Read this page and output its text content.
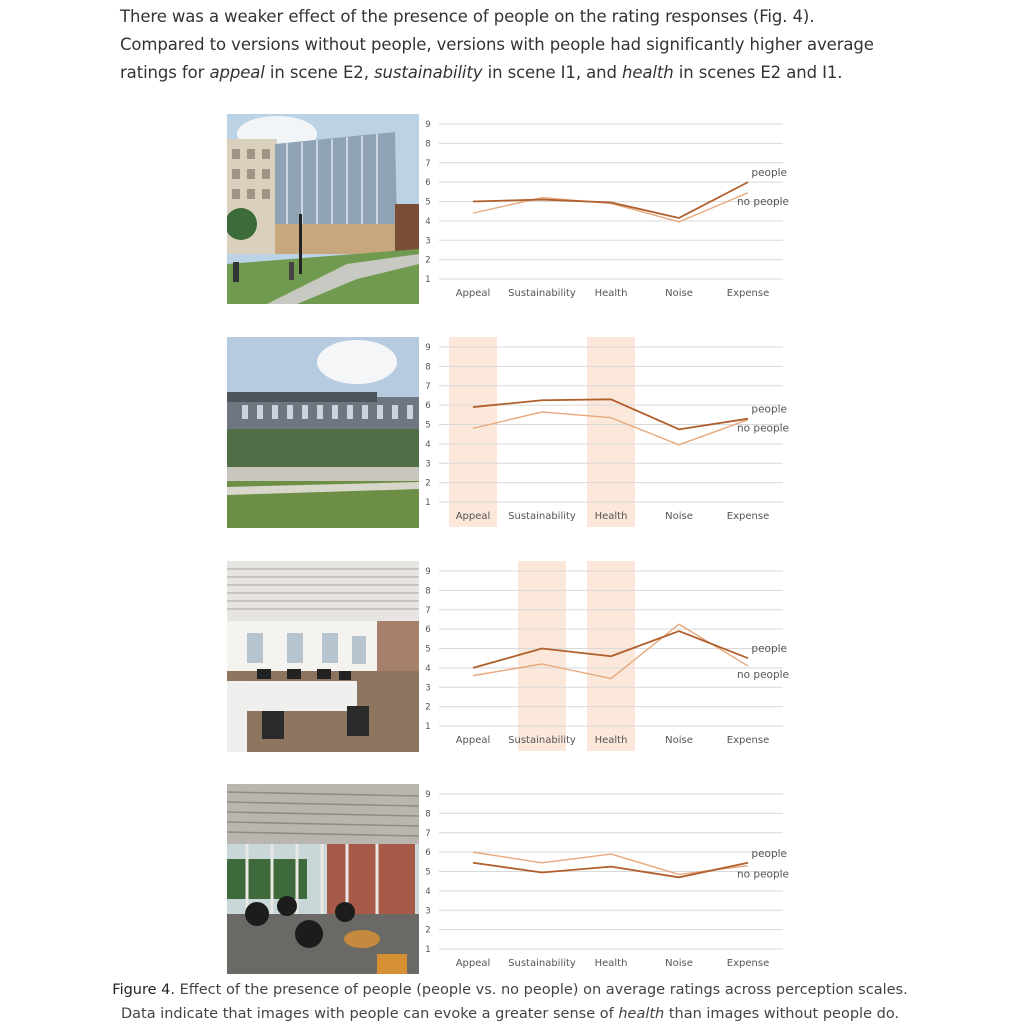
There was a weaker effect of the presence of people on the rating responses (Fig. 4). Compared to versions without people, versions with people had significantly higher average ratings for appeal in scene E2, sustainability in scene I1, and health in scenes E2 and I1.

1
2
3
4
5
6
7
8
9
Appeal Sustainability Health	Noise	Expense
people
no people
1
2
3
4
5
6
7
8
9
Appeal Sustainability Health	Noise	Expense
people
no people
1
2
3
4
5
6
7
8
9
Appeal Sustainability Health	Noise	Expense
people
no people
1
2
3
4
5
6
7
8
9
Appeal Sustainability Health	Noise	Expense
people
no people
Figure 4. Effect of the presence of people (people vs. no people) on average ratings across perception scales.
Data indicate that images with people can evoke a greater sense of health than images without people do.
